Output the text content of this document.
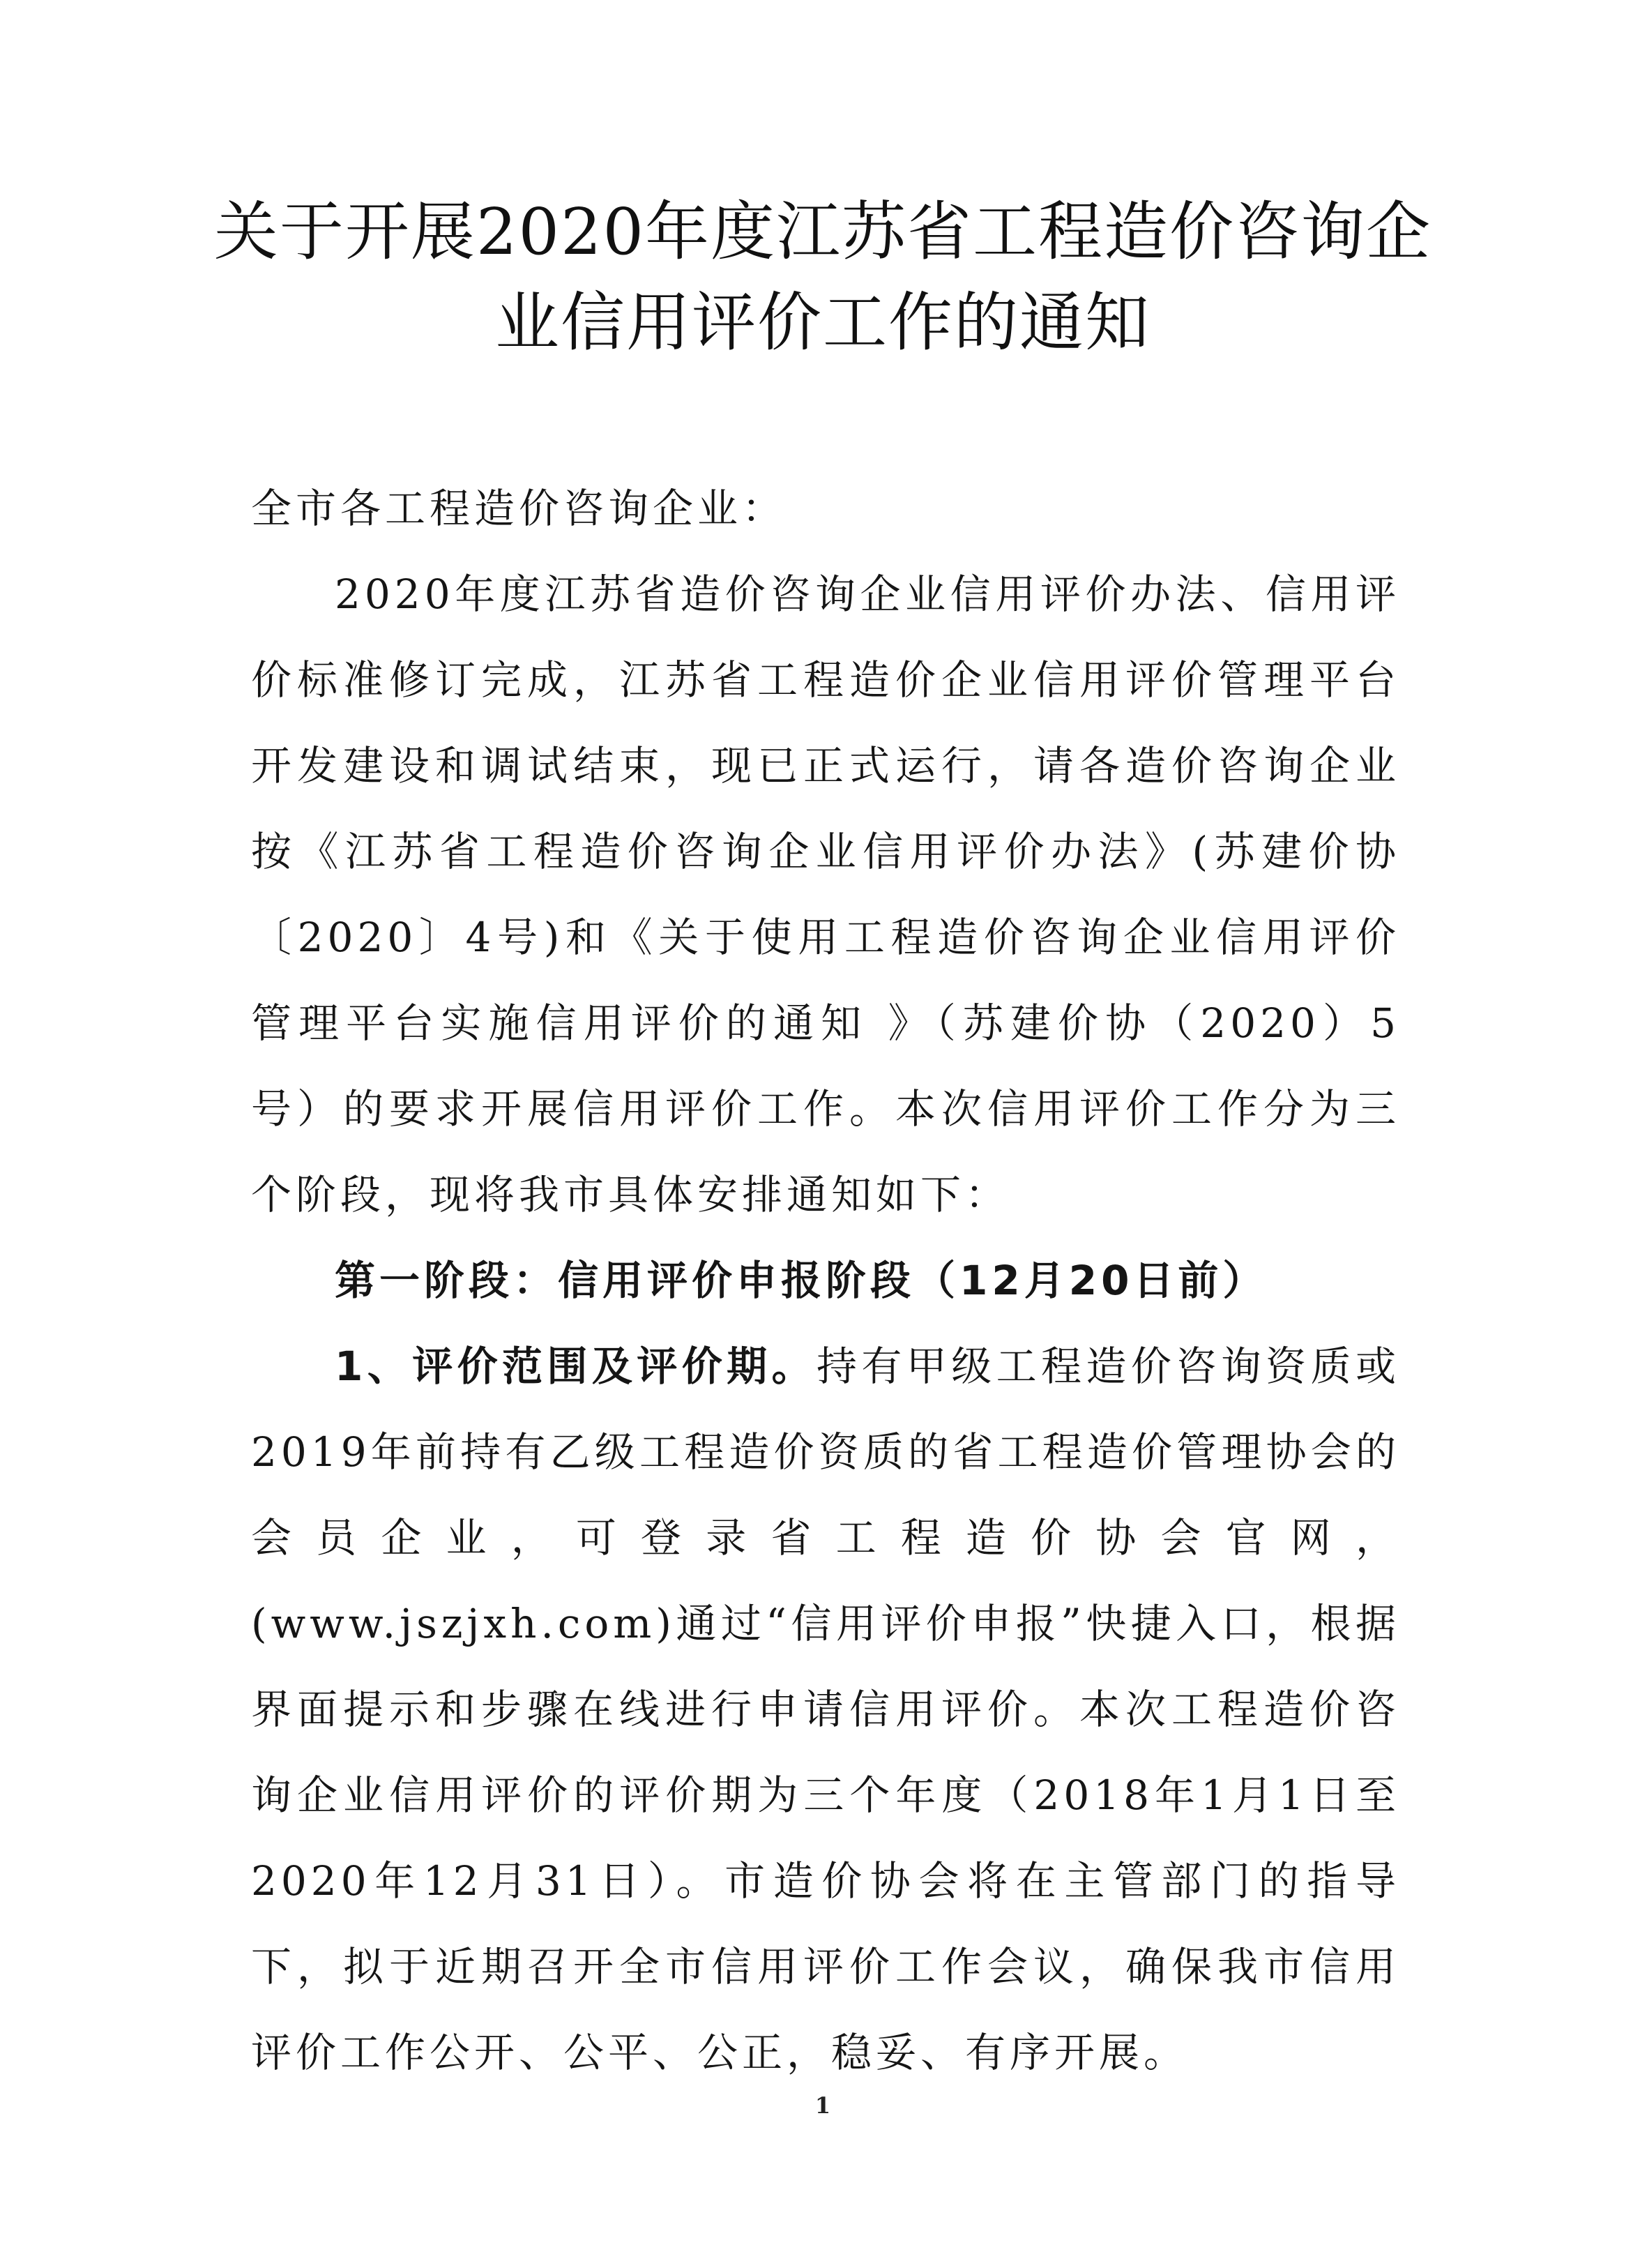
关于开展2020年度江苏省工程造价咨询企
业信用评价工作的通知

全市各工程造价咨询企业：

2020年度江苏省造价咨询企业信用评价办法、信用评价标准修订完成，江苏省工程造价企业信用评价管理平台开发建设和调试结束，现已正式运行，请各造价咨询企业按《江苏省工程造价咨询企业信用评价办法》(苏建价协〔2020〕4号)和《关于使用工程造价咨询企业信用评价管理平台实施信用评价的通知 》（苏建价协（2020）5号）的要求开展信用评价工作。本次信用评价工作分为三个阶段，现将我市具体安排通知如下：

第一阶段：信用评价申报阶段（12月20日前）

1、评价范围及评价期。持有甲级工程造价咨询资质或2019年前持有乙级工程造价资质的省工程造价管理协会的会员企业，可登录省工程造价协会官网，(www.jszjxh.com)通过“信用评价申报”快捷入口，根据界面提示和步骤在线进行申请信用评价。本次工程造价咨询企业信用评价的评价期为三个年度（2018年1月1日至2020年12月31日）。市造价协会将在主管部门的指导下，拟于近期召开全市信用评价工作会议，确保我市信用评价工作公开、公平、公正，稳妥、有序开展。

1
